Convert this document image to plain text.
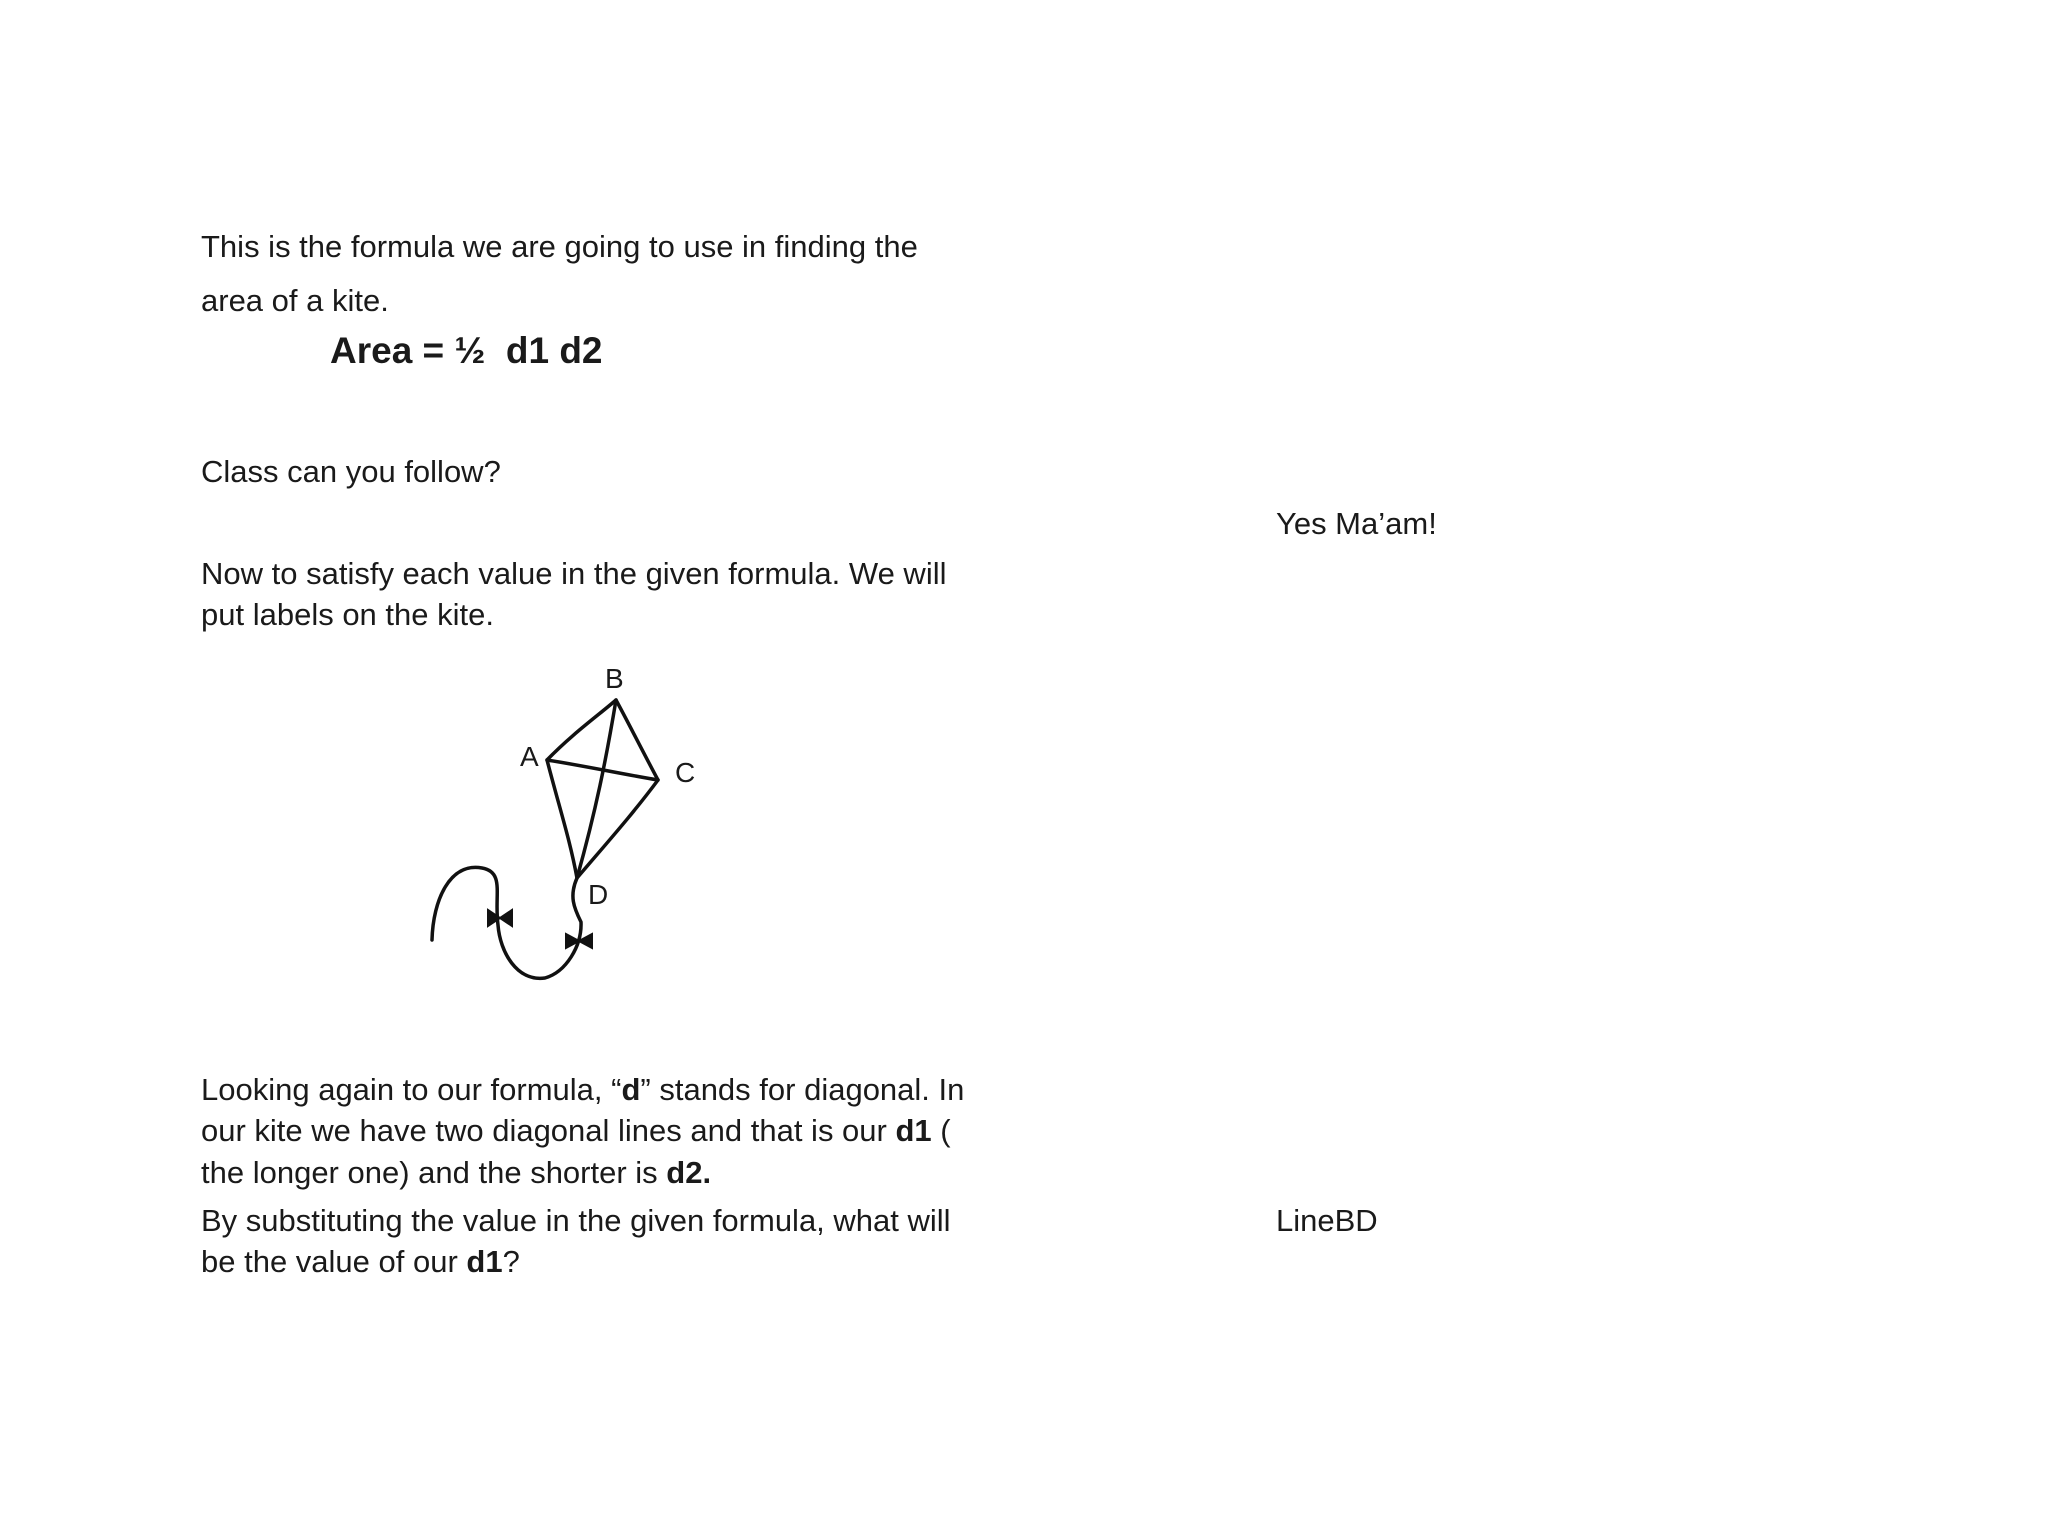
This is the formula we are going to use in finding the

area of a kite.

Area = ½  d1 d2

Class can you follow?

Yes Ma’am!

Now to satisfy each value in the given formula. We will

put labels on the kite.

B
A
C
D

Looking again to our formula, “d” stands for diagonal. In

our kite we have two diagonal lines and that is our d1 (

the longer one) and the shorter is d2.

By substituting the value in the given formula, what will

be the value of our d1?

LineBD
